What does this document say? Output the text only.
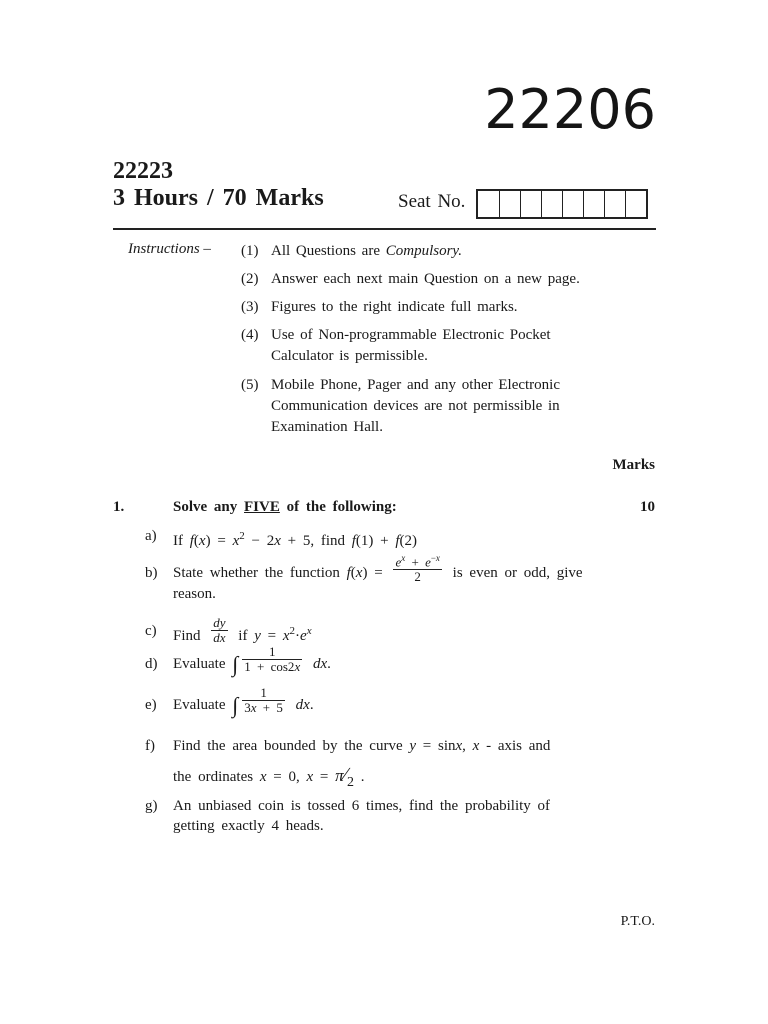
22206
22223
3 Hours / 70 Marks	Seat No.
Instructions – (1) All Questions are Compulsory.
(2) Answer each next main Question on a new page.
(3) Figures to the right indicate full marks.
(4) Use of Non-programmable Electronic Pocket Calculator is permissible.
(5) Mobile Phone, Pager and any other Electronic Communication devices are not permissible in Examination Hall.
Marks
1.	Solve any FIVE of the following:	10
a) If $f(x) = x^2 - 2x + 5$, find f(1) + f(2)
b) State whether the function $f(x) = \frac{e^x + e^{-x}}{2}$ is even or odd, give reason.
c) Find $\frac{dy}{dx}$ if $y = x^2\cdot e^x$
d) Evaluate ∫ $\frac{1}{1 + \cos 2x}$ dx.
e) Evaluate ∫ $\frac{1}{3x + 5}$ dx.
f) Find the area bounded by the curve y = sinx, x - axis and
the ordinates x = 0, x = π∕2 .
g) An unbiased coin is tossed 6 times, find the probability of getting exactly 4 heads.
P.T.O.
